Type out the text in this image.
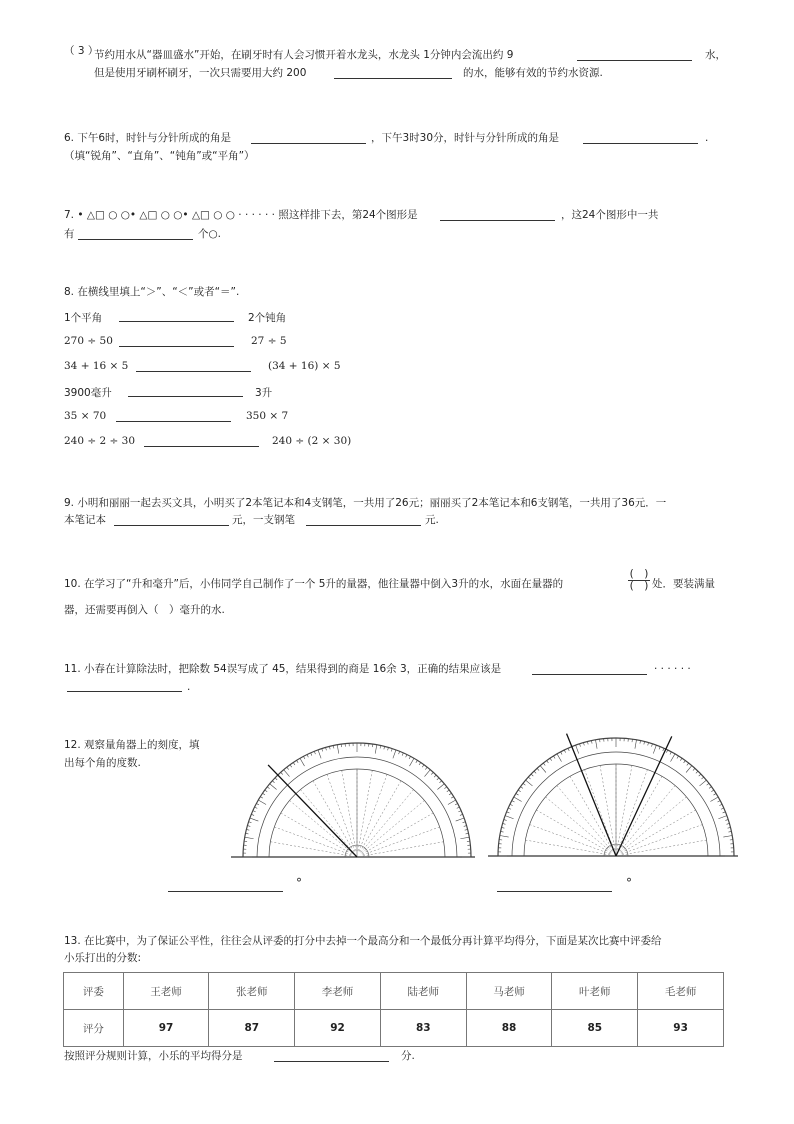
（ 3 ）
节约用水从“器皿盛水”开始，在刷牙时有人会习惯开着水龙头，水龙头 1分钟内会流出约 9	水，
但是使用牙刷杯刷牙，一次只需要用大约 200	的水，能够有效的节约水资源.
6. 下午6时，时针与分针所成的角是	，下午3时30分，时针与分针所成的角是	.
（填“锐角”、“直角”、“钝角”或“平角”）
7. • △□ ○ ○• △□ ○ ○• △□ ○ ○ · · · · · · 照这样排下去，第24个图形是	，这24个图形中一共
有	个○.
8. 在横线里填上“＞”、“＜”或者“＝”.
1个平角	2个钝角
270 ÷ 50	27 ÷ 5
34 + 16 × 5	(34 + 16) × 5
3900毫升	3升
35 × 70	350 × 7
240 ÷ 2 ÷ 30	240 ÷ (2 × 30)
9. 小明和丽丽一起去买文具，小明买了2本笔记本和4支钢笔，一共用了26元；丽丽买了2本笔记本和6支钢笔，一共用了36元．一
本笔记本	元，一支钢笔	元.
10. 在学习了“升和毫升”后，小伟同学自己制作了一个 5升的量器，他往量器中倒入3升的水，水面在量器的
(　)
(　) 处．要装满量
器，还需要再倒入（　）毫升的水.
11. 小春在计算除法时，把除数 54误写成了 45，结果得到的商是 16余 3，正确的结果应该是	· · · · · ·
.
12. 观察量角器上的刻度，填
出每个角的度数.
°	°
13. 在比赛中，为了保证公平性，往往会从评委的打分中去掉一个最高分和一个最低分再计算平均得分，下面是某次比赛中评委给
小乐打出的分数:
评委	王老师	张老师	李老师	陆老师	马老师	叶老师	毛老师
评分	97	87	92	83	88	85	93
按照评分规则计算，小乐的平均得分是	分.
